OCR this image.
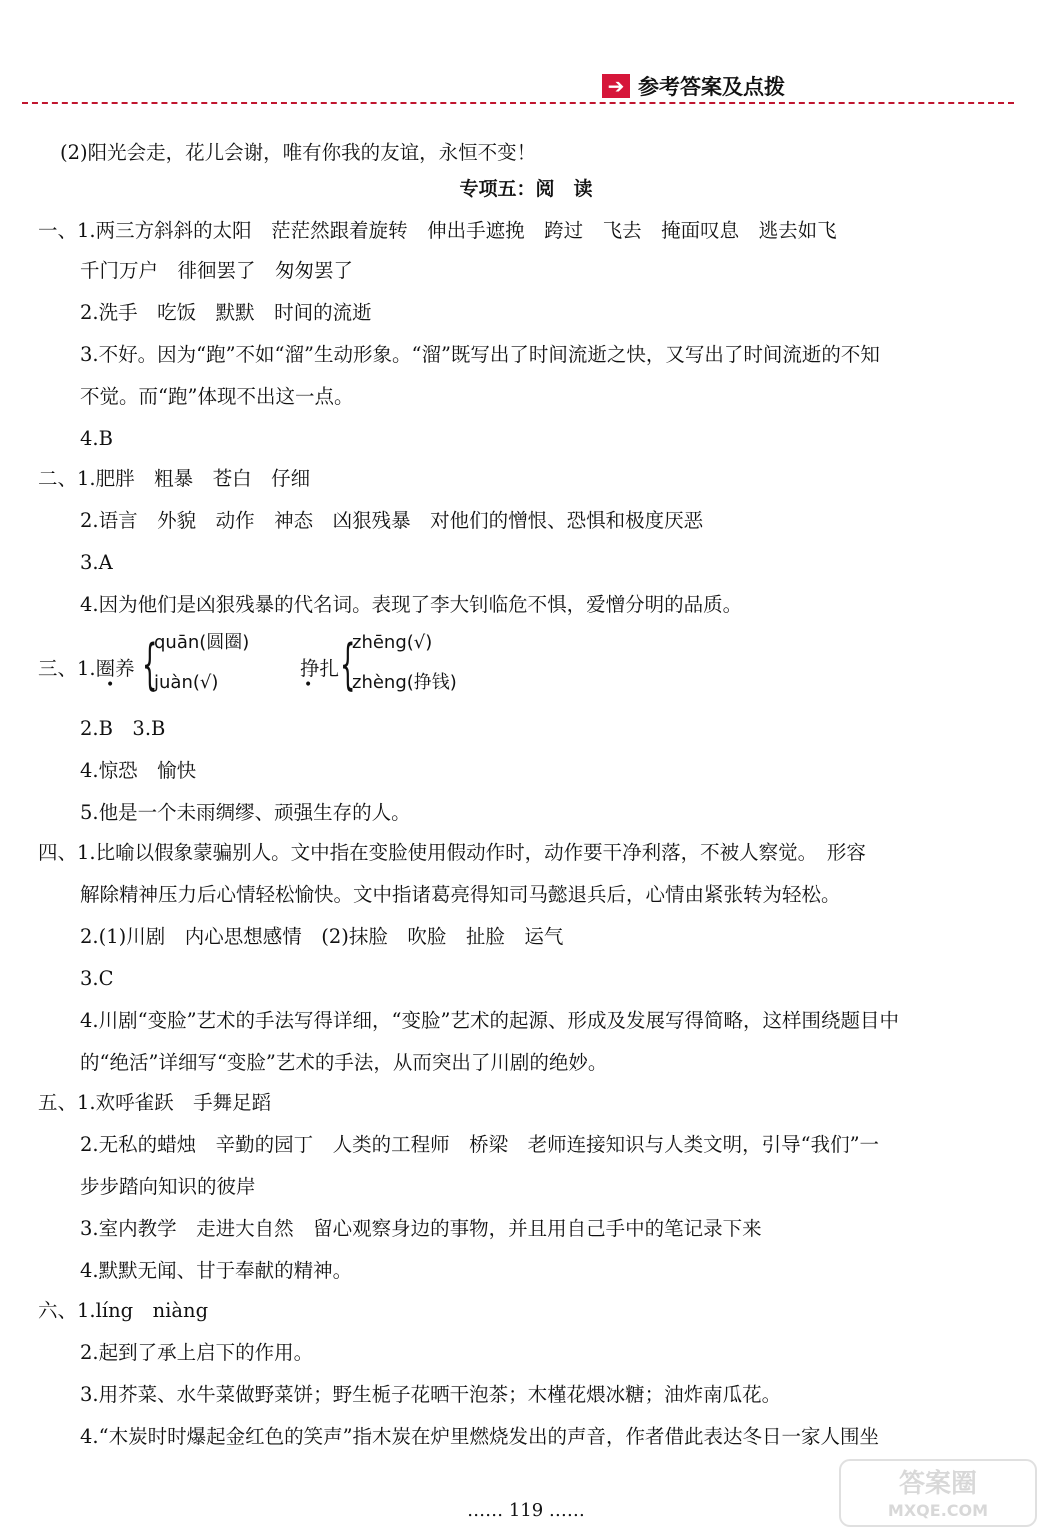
➔ 参考答案及点拨
(2)阳光会走，花儿会谢，唯有你我的友谊，永恒不变！
专项五：阅　读
一、1.两三方斜斜的太阳　茫茫然跟着旋转　伸出手遮挽　跨过　飞去　掩面叹息　逃去如飞
千门万户　徘徊罢了　匆匆罢了
2.洗手　吃饭　默默　时间的流逝
3.不好。因为“跑”不如“溜”生动形象。“溜”既写出了时间流逝之快，又写出了时间流逝的不知
不觉。而“跑”体现不出这一点。
4.B
二、1.肥胖　粗暴　苍白　仔细
2.语言　外貌　动作　神态　凶狠残暴　对他们的憎恨、恐惧和极度厌恶
3.A
4.因为他们是凶狠残暴的代名词。表现了李大钊临危不惧，爱憎分明的品质。
三、1.圈养
• {
quān(圆圈)
juàn(√)
挣扎
• {
zhēng(√)
zhèng(挣钱)
2.B　3.B
4.惊恐　愉快
5.他是一个未雨绸缪、顽强生存的人。
四、1.比喻以假象蒙骗别人。文中指在变脸使用假动作时，动作要干净利落，不被人察觉。　形容
解除精神压力后心情轻松愉快。文中指诸葛亮得知司马懿退兵后，心情由紧张转为轻松。
2.(1)川剧　内心思想感情　(2)抹脸　吹脸　扯脸　运气
3.C
4.川剧“变脸”艺术的手法写得详细，“变脸”艺术的起源、形成及发展写得简略，这样围绕题目中
的“绝活”详细写“变脸”艺术的手法，从而突出了川剧的绝妙。
五、1.欢呼雀跃　手舞足蹈
2.无私的蜡烛　辛勤的园丁　人类的工程师　桥梁　老师连接知识与人类文明，引导“我们”一
步步踏向知识的彼岸
3.室内教学　走进大自然　留心观察身边的事物，并且用自己手中的笔记录下来
4.默默无闻、甘于奉献的精神。
六、1.líng　niàng
2.起到了承上启下的作用。
3.用芥菜、水牛菜做野菜饼；野生栀子花晒干泡茶；木槿花煨冰糖；油炸南瓜花。
4.“木炭时时爆起金红色的笑声”指木炭在炉里燃烧发出的声音，作者借此表达冬日一家人围坐
…… 119 ……
答案圈
MXQE.COM
